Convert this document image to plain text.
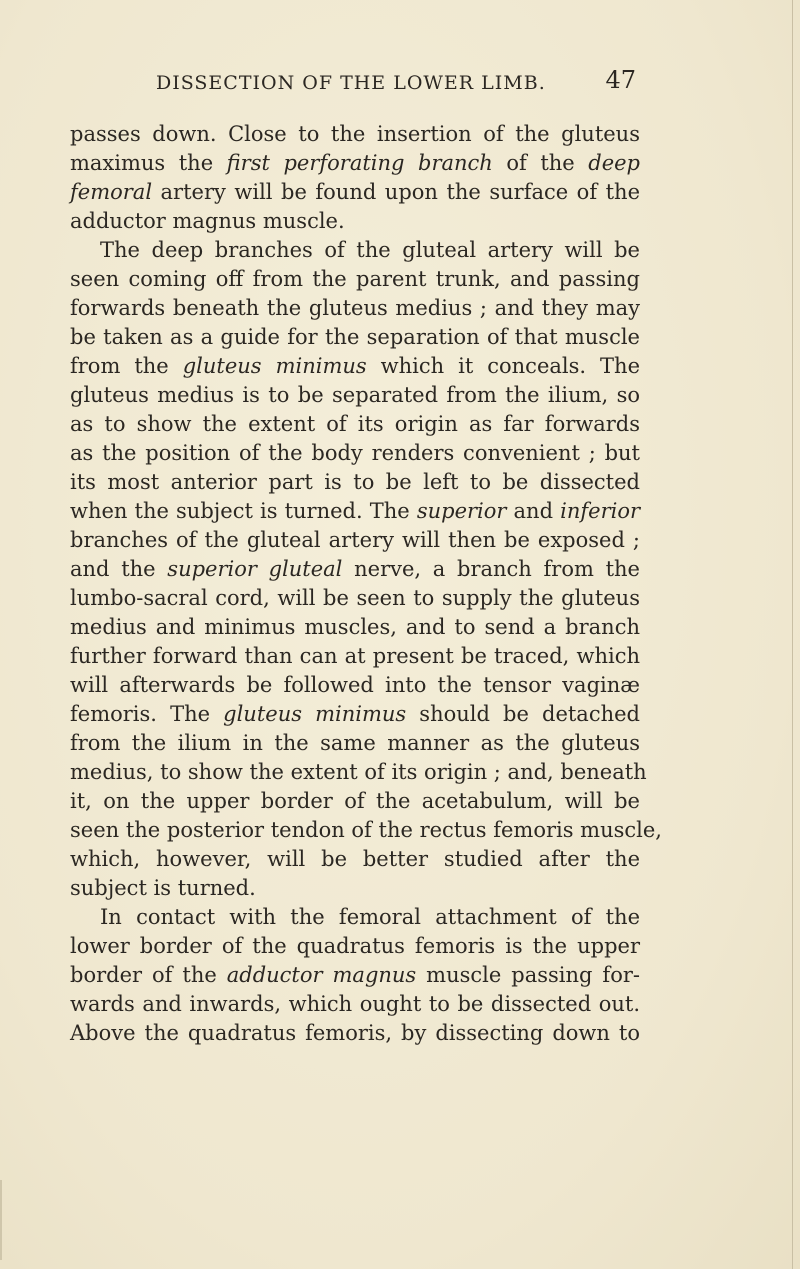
DISSECTION OF THE LOWER LIMB. 47
passes down. Close to the insertion of the gluteus
maximus the first perforating branch of the deep
femoral artery will be found upon the surface of the
adductor magnus muscle.
The deep branches of the gluteal artery will be
seen coming off from the parent trunk, and passing
forwards beneath the gluteus medius ; and they may
be taken as a guide for the separation of that muscle
from the gluteus minimus which it conceals. The
gluteus medius is to be separated from the ilium, so
as to show the extent of its origin as far forwards
as the position of the body renders convenient ; but
its most anterior part is to be left to be dissected
when the subject is turned. The superior and inferior
branches of the gluteal artery will then be exposed ;
and the superior gluteal nerve, a branch from the
lumbo-sacral cord, will be seen to supply the gluteus
medius and minimus muscles, and to send a branch
further forward than can at present be traced, which
will afterwards be followed into the tensor vaginæ
femoris. The gluteus minimus should be detached
from the ilium in the same manner as the gluteus
medius, to show the extent of its origin ; and, beneath
it, on the upper border of the acetabulum, will be
seen the posterior tendon of the rectus femoris muscle,
which, however, will be better studied after the
subject is turned.
In contact with the femoral attachment of the
lower border of the quadratus femoris is the upper
border of the adductor magnus muscle passing for-
wards and inwards, which ought to be dissected out.
Above the quadratus femoris, by dissecting down to
